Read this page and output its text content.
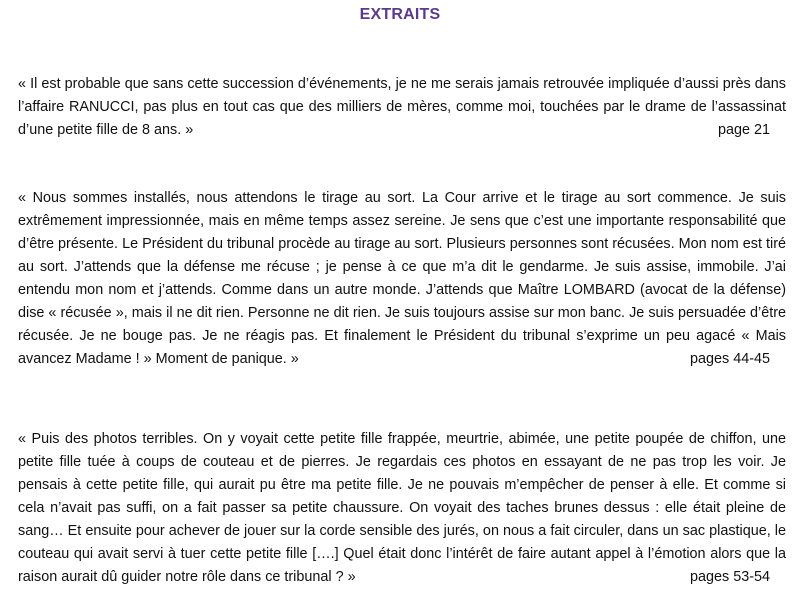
EXTRAITS

« Il est probable que sans cette succession d’événements, je ne me serais jamais retrouvée impliquée d’aussi près dans l’affaire RANUCCI, pas plus en tout cas que des milliers de mères, comme moi, touchées par le drame de l’assassinat d’une petite fille de 8 ans. »	page 21

« Nous sommes installés, nous attendons le tirage au sort. La Cour arrive et le tirage au sort commence. Je suis extrêmement impressionnée, mais en même temps assez sereine. Je sens que c’est une importante responsabilité que d’être présente. Le Président du tribunal procède au tirage au sort. Plusieurs personnes sont récusées. Mon nom est tiré au sort. J’attends que la défense me récuse ; je pense à ce que m’a dit le gendarme. Je suis assise, immobile. J’ai entendu mon nom et j’attends. Comme dans un autre monde. J’attends que Maître LOMBARD (avocat de la défense) dise « récusée », mais il ne dit rien. Personne ne dit rien. Je suis toujours assise sur mon banc. Je suis persuadée d’être récusée. Je ne bouge pas. Je ne réagis pas. Et finalement le Président du tribunal s’exprime un peu agacé « Mais avancez Madame ! » Moment de panique. »	pages 44-45

« Puis des photos terribles. On y voyait cette petite fille frappée, meurtrie, abimée, une petite poupée de chiffon, une petite fille tuée à coups de couteau et de pierres. Je regardais ces photos en essayant de ne pas trop les voir. Je pensais à cette petite fille, qui aurait pu être ma petite fille. Je ne pouvais m’empêcher de penser à elle. Et comme si cela n’avait pas suffi, on a fait passer sa petite chaussure. On voyait des taches brunes dessus : elle était pleine de sang… Et ensuite pour achever de jouer sur la corde sensible des jurés, on nous a fait circuler, dans un sac plastique, le couteau qui avait servi à tuer cette petite fille [….] Quel était donc l’intérêt de faire autant appel à l’émotion alors que la raison aurait dû guider notre rôle dans ce tribunal ? »	pages 53-54
